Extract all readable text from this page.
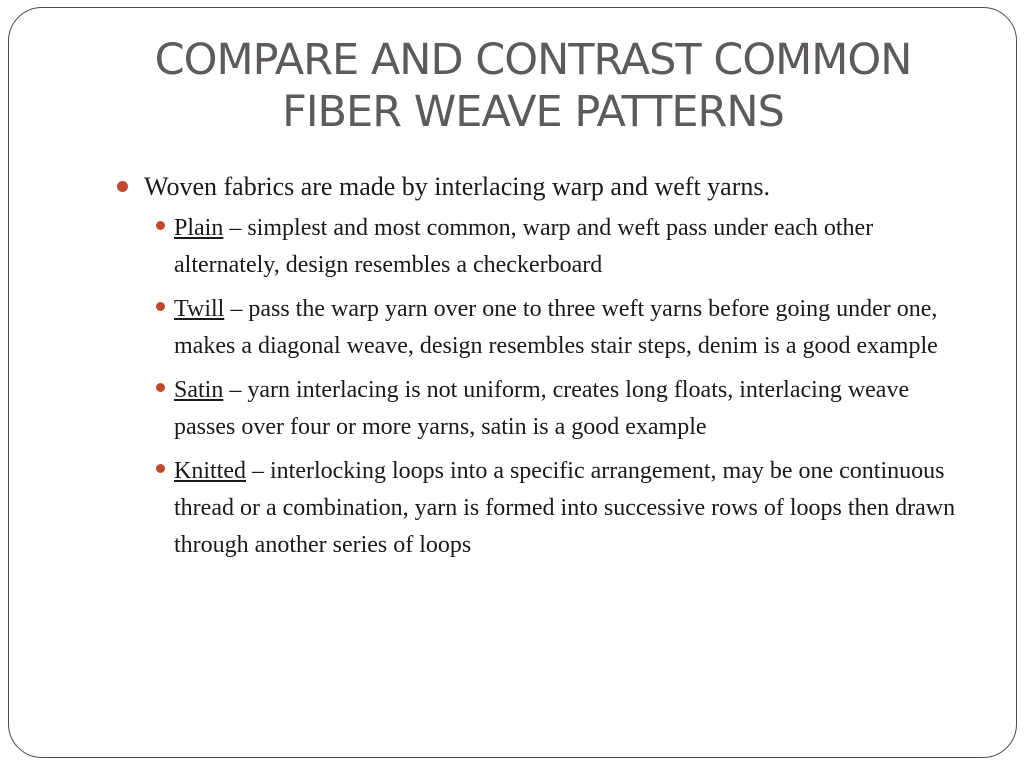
COMPARE AND CONTRAST COMMON
FIBER WEAVE PATTERNS
Woven fabrics are made by interlacing warp and weft yarns.
Plain – simplest and most common, warp and weft pass under each other alternately, design resembles a checkerboard
Twill – pass the warp yarn over one to three weft yarns before going under one, makes a diagonal weave, design resembles stair steps, denim is a good example
Satin – yarn interlacing is not uniform, creates long floats, interlacing weave passes over four or more yarns, satin is a good example
Knitted – interlocking loops into a specific arrangement, may be one continuous thread or a combination, yarn is formed into successive rows of loops then drawn through another series of loops
